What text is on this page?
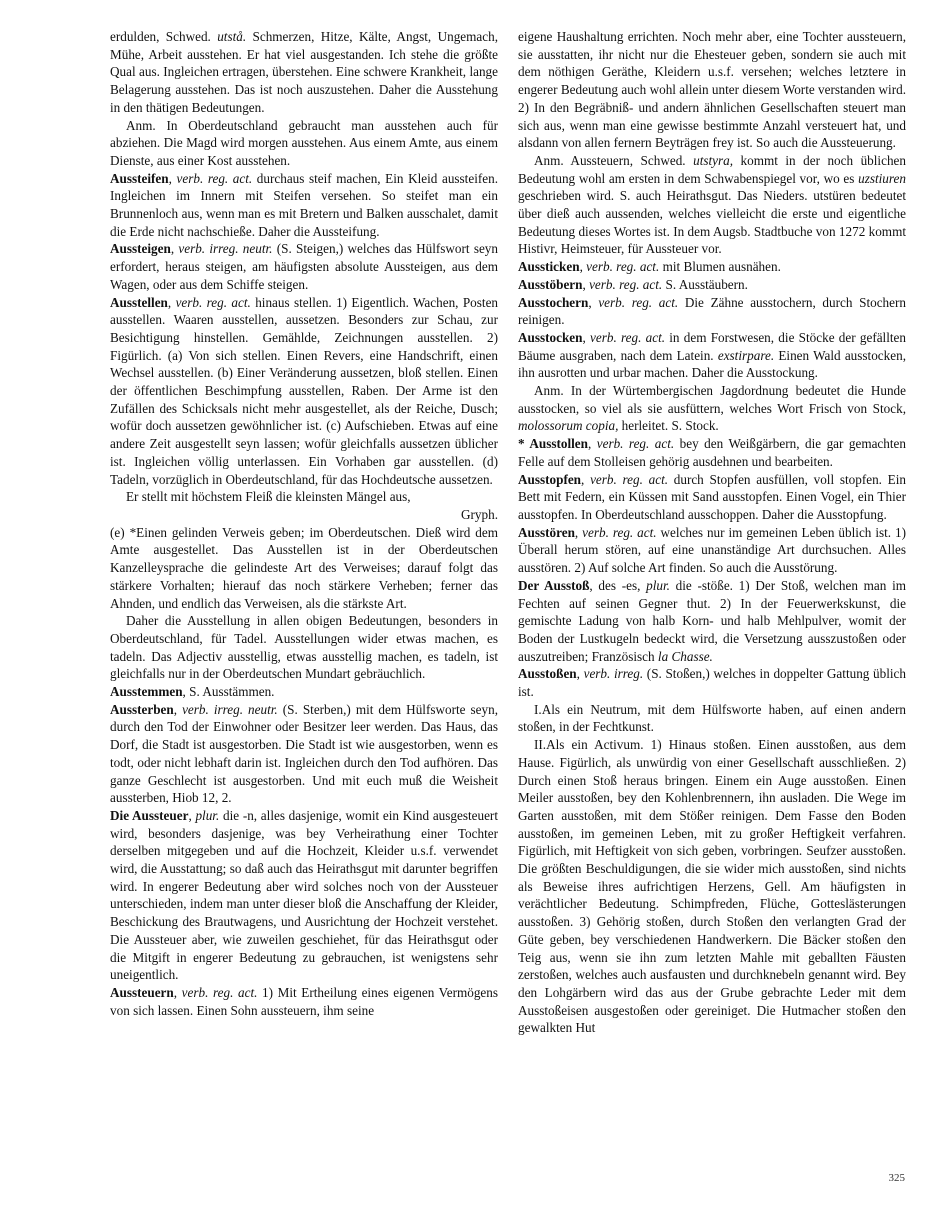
erdulden, Schwed. utstå. Schmerzen, Hitze, Kälte, Angst, Ungemach, Mühe, Arbeit ausstehen. Er hat viel ausgestanden. Ich stehe die größte Qual aus. Ingleichen ertragen, überstehen. Eine schwere Krankheit, lange Belagerung ausstehen. Das ist noch auszustehen. Daher die Ausstehung in den thätigen Bedeutungen.

Anm. In Oberdeutschland gebraucht man ausstehen auch für abziehen. Die Magd wird morgen ausstehen. Aus einem Amte, aus einem Dienste, aus einer Kost ausstehen.

Aussteifen, verb. reg. act. durchaus steif machen, Ein Kleid aussteifen. Ingleichen im Innern mit Steifen versehen. So steifet man ein Brunnenloch aus, wenn man es mit Bretern und Balken ausschalet, damit die Erde nicht nachschieße. Daher die Aussteifung.

Aussteigen, verb. irreg. neutr. (S. Steigen,) welches das Hülfswort seyn erfordert, heraus steigen, am häufigsten absolute Aussteigen, aus dem Wagen, oder aus dem Schiffe steigen.

Ausstellen, verb. reg. act. hinaus stellen. 1) Eigentlich. Wachen, Posten ausstellen. Waaren ausstellen, aussetzen. Besonders zur Schau, zur Besichtigung hinstellen. Gemählde, Zeichnungen ausstellen. 2) Figürlich. (a) Von sich stellen. Einen Revers, eine Handschrift, einen Wechsel ausstellen. (b) Einer Veränderung aussetzen, bloß stellen. Einen der öffentlichen Beschimpfung ausstellen, Raben. Der Arme ist den Zufällen des Schicksals nicht mehr ausgestellet, als der Reiche, Dusch; wofür doch aussetzen gewöhnlicher ist. (c) Aufschieben. Etwas auf eine andere Zeit ausgestellt seyn lassen; wofür gleichfalls aussetzen üblicher ist. Ingleichen völlig unterlassen. Ein Vorhaben gar ausstellen. (d) Tadeln, vorzüglich in Oberdeutschland, für das Hochdeutsche aussetzen.

Er stellt mit höchstem Fleiß die kleinsten Mängel aus,

Gryph.

(e) *Einen gelinden Verweis geben; im Oberdeutschen. Dieß wird dem Amte ausgestellet. Das Ausstellen ist in der Oberdeutschen Kanzelleysprache die gelindeste Art des Verweises; darauf folgt das stärkere Vorhalten; hierauf das noch stärkere Verheben; ferner das Ahnden, und endlich das Verweisen, als die stärkste Art.

Daher die Ausstellung in allen obigen Bedeutungen, besonders in Oberdeutschland, für Tadel. Ausstellungen wider etwas machen, es tadeln. Das Adjectiv ausstellig, etwas ausstellig machen, es tadeln, ist gleichfalls nur in der Oberdeutschen Mundart gebräuchlich.

Ausstemmen, S. Ausstämmen.

Aussterben, verb. irreg. neutr. (S. Sterben,) mit dem Hülfsworte seyn, durch den Tod der Einwohner oder Besitzer leer werden. Das Haus, das Dorf, die Stadt ist ausgestorben. Die Stadt ist wie ausgestorben, wenn es todt, oder nicht lebhaft darin ist. Ingleichen durch den Tod aufhören. Das ganze Geschlecht ist ausgestorben. Und mit euch muß die Weisheit aussterben, Hiob 12, 2.

Die Aussteuer, plur. die -n, alles dasjenige, womit ein Kind ausgesteuert wird, besonders dasjenige, was bey Verheirathung einer Tochter derselben mitgegeben und auf die Hochzeit, Kleider u.s.f. verwendet wird, die Ausstattung; so daß auch das Heirathsgut mit darunter begriffen wird. In engerer Bedeutung aber wird solches noch von der Aussteuer unterschieden, indem man unter dieser bloß die Anschaffung der Kleider, Beschickung des Brautwagens, und Ausrichtung der Hochzeit verstehet. Die Aussteuer aber, wie zuweilen geschiehet, für das Heirathsgut oder die Mitgift in engerer Bedeutung zu gebrauchen, ist wenigstens sehr uneigentlich.

Aussteuern, verb. reg. act. 1) Mit Ertheilung eines eigenen Vermögens von sich lassen. Einen Sohn aussteuern, ihm seine

eigene Haushaltung errichten. Noch mehr aber, eine Tochter aussteuern, sie ausstatten, ihr nicht nur die Ehesteuer geben, sondern sie auch mit dem nöthigen Geräthe, Kleidern u.s.f. versehen; welches letztere in engerer Bedeutung auch wohl allein unter diesem Worte verstanden wird. 2) In den Begräbniß- und andern ähnlichen Gesellschaften steuert man sich aus, wenn man eine gewisse bestimmte Anzahl versteuert hat, und alsdann von allen fernern Beyträgen frey ist. So auch die Aussteuerung.

Anm. Aussteuern, Schwed. utstyra, kommt in der noch üblichen Bedeutung wohl am ersten in dem Schwabenspiegel vor, wo es uzstiuren geschrieben wird. S. auch Heirathsgut. Das Nieders. utstüren bedeutet über dieß auch aussenden, welches vielleicht die erste und eigentliche Bedeutung dieses Wortes ist. In dem Augsb. Stadtbuche von 1272 kommt Histivr, Heimsteuer, für Aussteuer vor.

Aussticken, verb. reg. act. mit Blumen ausnähen.

Ausstöbern, verb. reg. act. S. Ausstäubern.

Ausstochern, verb. reg. act. Die Zähne ausstochern, durch Stochern reinigen.

Ausstocken, verb. reg. act. in dem Forstwesen, die Stöcke der gefällten Bäume ausgraben, nach dem Latein. exstirpare. Einen Wald ausstocken, ihn ausrotten und urbar machen. Daher die Ausstockung.

Anm. In der Würtembergischen Jagdordnung bedeutet die Hunde ausstocken, so viel als sie ausfüttern, welches Wort Frisch von Stock, molossorum copia, herleitet. S. Stock.

* Ausstollen, verb. reg. act. bey den Weißgärbern, die gar gemachten Felle auf dem Stolleisen gehörig ausdehnen und bearbeiten.

Ausstopfen, verb. reg. act. durch Stopfen ausfüllen, voll stopfen. Ein Bett mit Federn, ein Küssen mit Sand ausstopfen. Einen Vogel, ein Thier ausstopfen. In Oberdeutschland ausschoppen. Daher die Ausstopfung.

Ausstören, verb. reg. act. welches nur im gemeinen Leben üblich ist. 1) Überall herum stören, auf eine unanständige Art durchsuchen. Alles ausstören. 2) Auf solche Art finden. So auch die Ausstörung.

Der Ausstoß, des -es, plur. die -stöße. 1) Der Stoß, welchen man im Fechten auf seinen Gegner thut. 2) In der Feuerwerkskunst, die gemischte Ladung von halb Korn- und halb Mehlpulver, womit der Boden der Lustkugeln bedeckt wird, die Versetzung ausszustoßen oder auszutreiben; Französisch la Chasse.

Ausstoßen, verb. irreg. (S. Stoßen,) welches in doppelter Gattung üblich ist.

I.Als ein Neutrum, mit dem Hülfsworte haben, auf einen andern stoßen, in der Fechtkunst.

II.Als ein Activum. 1) Hinaus stoßen. Einen ausstoßen, aus dem Hause. Figürlich, als unwürdig von einer Gesellschaft ausschließen. 2) Durch einen Stoß heraus bringen. Einem ein Auge ausstoßen. Einen Meiler ausstoßen, bey den Kohlenbrennern, ihn ausladen. Die Wege im Garten ausstoßen, mit dem Stößer reinigen. Dem Fasse den Boden ausstoßen, im gemeinen Leben, mit zu großer Heftigkeit verfahren. Figürlich, mit Heftigkeit von sich geben, vorbringen. Seufzer ausstoßen. Die größten Beschuldigungen, die sie wider mich ausstoßen, sind nichts als Beweise ihres aufrichtigen Herzens, Gell. Am häufigsten in verächtlicher Bedeutung. Schimpfreden, Flüche, Gotteslästerungen ausstoßen. 3) Gehörig stoßen, durch Stoßen den verlangten Grad der Güte geben, bey verschiedenen Handwerkern. Die Bäcker stoßen den Teig aus, wenn sie ihn zum letzten Mahle mit geballten Fäusten zerstoßen, welches auch ausfausten und durchknebeln genannt wird. Bey den Lohgärbern wird das aus der Grube gebrachte Leder mit dem Ausstoßeisen ausgestoßen oder gereiniget. Die Hutmacher stoßen den gewalkten Hut

325
